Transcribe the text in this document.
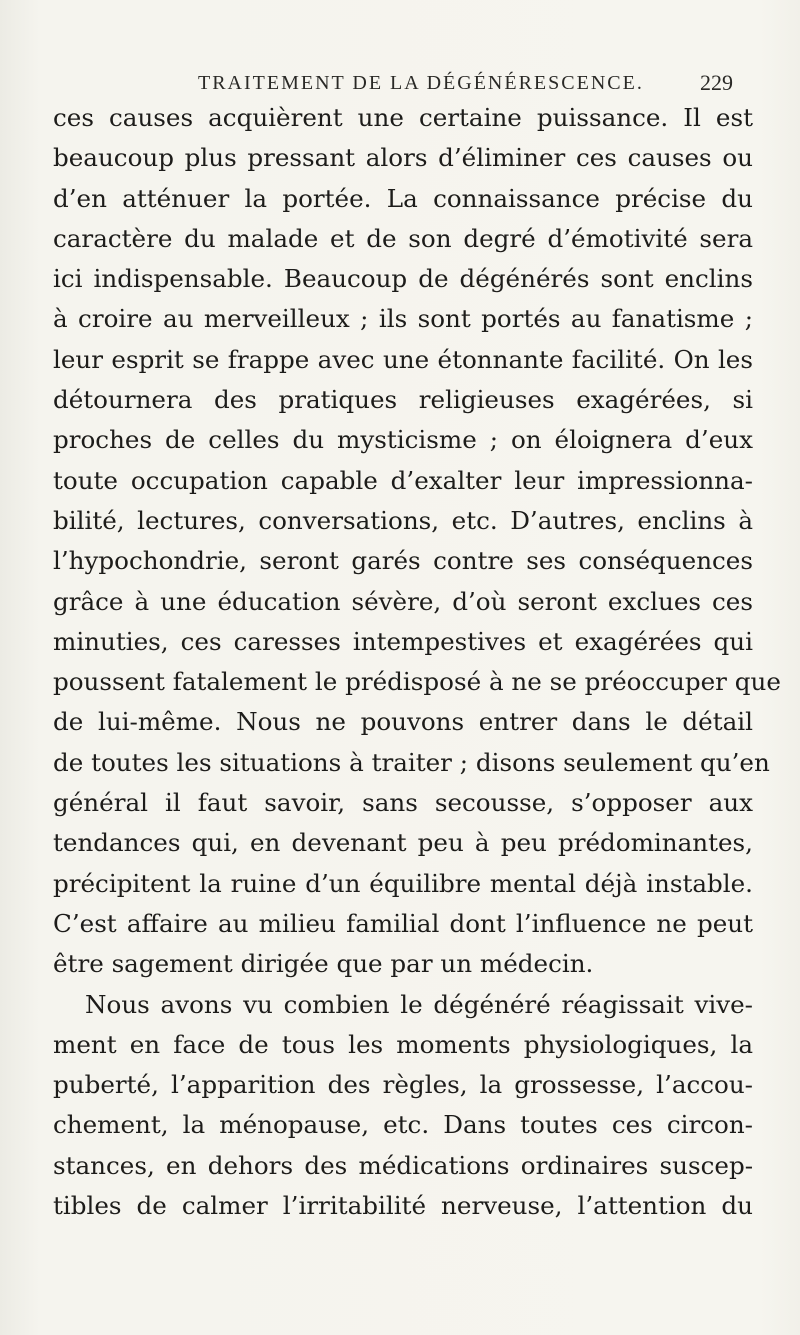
TRAITEMENT DE LA DÉGÉNÉRESCENCE.	229
ces causes acquièrent une certaine puissance. Il est
beaucoup plus pressant alors d’éliminer ces causes ou
d’en atténuer la portée. La connaissance précise du
caractère du malade et de son degré d’émotivité sera
ici indispensable. Beaucoup de dégénérés sont enclins
à croire au merveilleux ; ils sont portés au fanatisme ;
leur esprit se frappe avec une étonnante facilité. On les
détournera des pratiques religieuses exagérées, si
proches de celles du mysticisme ; on éloignera d’eux
toute occupation capable d’exalter leur impressionna-
bilité, lectures, conversations, etc. D’autres, enclins à
l’hypochondrie, seront garés contre ses conséquences
grâce à une éducation sévère, d’où seront exclues ces
minuties, ces caresses intempestives et exagérées qui
poussent fatalement le prédisposé à ne se préoccuper que
de lui-même. Nous ne pouvons entrer dans le détail
de toutes les situations à traiter ; disons seulement qu’en
général il faut savoir, sans secousse, s’opposer aux
tendances qui, en devenant peu à peu prédominantes,
précipitent la ruine d’un équilibre mental déjà instable.
C’est affaire au milieu familial dont l’influence ne peut
être sagement dirigée que par un médecin.
Nous avons vu combien le dégénéré réagissait vive-
ment en face de tous les moments physiologiques, la
puberté, l’apparition des règles, la grossesse, l’accou-
chement, la ménopause, etc. Dans toutes ces circon-
stances, en dehors des médications ordinaires suscep-
tibles de calmer l’irritabilité nerveuse, l’attention du
